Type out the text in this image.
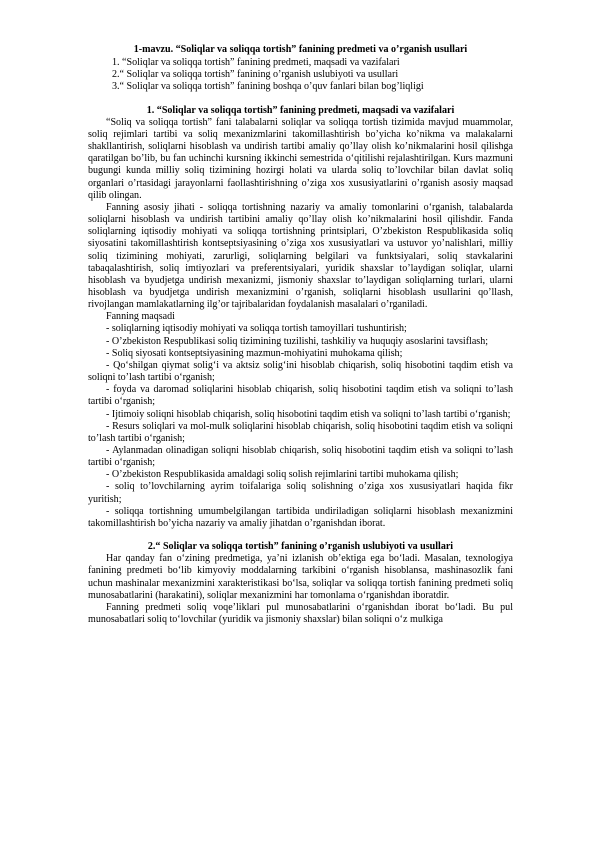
1-mavzu. “Soliqlar va soliqqa tortish” fanining predmeti va o’rganish usullari
1. “Soliqlar va soliqqa tortish” fanining predmeti, maqsadi va vazifalari
2.“ Soliqlar va soliqqa tortish” fanining o’rganish uslubiyoti va usullari
3.“ Soliqlar va soliqqa tortish” fanining boshqa o’quv fanlari bilan bog’liqligi
1. “Soliqlar va soliqqa tortish” fanining predmeti, maqsadi va vazifalari

“Soliq va soliqqa tortish” fani talabalarni soliqlar va soliqqa tortish tizimida mavjud muammolar, soliq rejimlari tartibi va soliq mexanizmlarini takomillashtirish bo’yicha ko’nikma va malakalarni shakllantirish, soliqlarni hisoblash va undirish tartibi amaliy qo’llay olish ko’nikmalarini hosil qilishga qaratilgan bo’lib, bu fan uchinchi kursning ikkinchi semestrida o‘qitilishi rejalashtirilgan. Kurs mazmuni bugungi kunda milliy soliq tizimining hozirgi holati va ularda soliq to’lovchilar bilan davlat soliq organlari o’rtasidagi jarayonlarni faollashtirishning o’ziga xos xususiyatlarini o’rganish asosiy maqsad qilib olingan.

Fanning asosiy jihati - soliqqa tortishning nazariy va amaliy tomonlarini o‘rganish, talabalarda soliqlarni hisoblash va undirish tartibini amaliy qo’llay olish ko’nikmalarini hosil qilishdir. Fanda soliqlarning iqtisodiy mohiyati va soliqqa tortishning printsiplari, O’zbekiston Respublikasida soliq siyosatini takomillashtirish kontseptsiyasining o’ziga xos xususiyatlari va ustuvor yo’nalishlari, milliy soliq tizimining mohiyati, zarurligi, soliqlarning belgilari va funktsiyalari, soliq stavkalarini tabaqalashtirish, soliq imtiyozlari va preferentsiyalari, yuridik shaxslar to’laydigan soliqlar, ularni hisoblash va byudjetga undirish mexanizmi, jismoniy shaxslar to’laydigan soliqlarning turlari, ularni hisoblash va byudjetga undirish mexanizmini o’rganish, soliqlarni hisoblash usullarini qo’llash, rivojlangan mamlakatlarning ilg’or tajribalaridan foydalanish masalalari o’rganiladi.

Fanning maqsadi

- soliqlarning iqtisodiy mohiyati va soliqqa tortish tamoyillari tushuntirish;

- O’zbekiston Respublikasi soliq tizimining tuzilishi, tashkiliy va huquqiy asoslarini tavsiflash;

- Soliq siyosati kontseptsiyasining mazmun-mohiyatini muhokama qilish;

- Qo‘shilgan qiymat solig‘i va aktsiz solig‘ini hisoblab chiqarish, soliq hisobotini taqdim etish va soliqni to’lash tartibi o‘rganish;

- foyda va daromad soliqlarini hisoblab chiqarish, soliq hisobotini taqdim etish va soliqni to’lash tartibi o‘rganish;

- Ijtimoiy soliqni hisoblab chiqarish, soliq hisobotini taqdim etish va soliqni to’lash tartibi o‘rganish;

- Resurs soliqlari va mol-mulk soliqlarini hisoblab chiqarish, soliq hisobotini taqdim etish va soliqni to’lash tartibi o‘rganish;

- Aylanmadan olinadigan soliqni hisoblab chiqarish, soliq hisobotini taqdim etish va soliqni to’lash tartibi o‘rganish;

- O’zbekiston Respublikasida amaldagi soliq solish rejimlarini tartibi muhokama qilish;

- soliq to’lovchilarning ayrim toifalariga soliq solishning o’ziga xos xususiyatlari haqida fikr yuritish;

- soliqqa tortishning umumbelgilangan tartibida undiriladigan soliqlarni hisoblash mexanizmini takomillashtirish bo’yicha nazariy va amaliy jihatdan o’rganishdan iborat.

2.“ Soliqlar va soliqqa tortish” fanining o’rganish uslubiyoti va usullari

Har qanday fan o‘zining predmetiga, ya’ni izlanish ob’ektiga ega bo‘ladi. Masalan, texnologiya fanining predmeti bo‘lib kimyoviy moddalarning tarkibini o‘rganish hisoblansa, mashinasozlik fani uchun mashinalar mexanizmini xarakteristikasi bo‘lsa, soliqlar va soliqqa tortish fanining predmeti soliq munosabatlarini (harakatini), soliqlar mexanizmini har tomonlama o‘rganishdan iboratdir.

Fanning predmeti soliq voqe’liklari pul munosabatlarini o‘rganishdan iborat bo‘ladi. Bu pul munosabatlari soliq to‘lovchilar (yuridik va jismoniy shaxslar) bilan soliqni o‘z mulkiga
